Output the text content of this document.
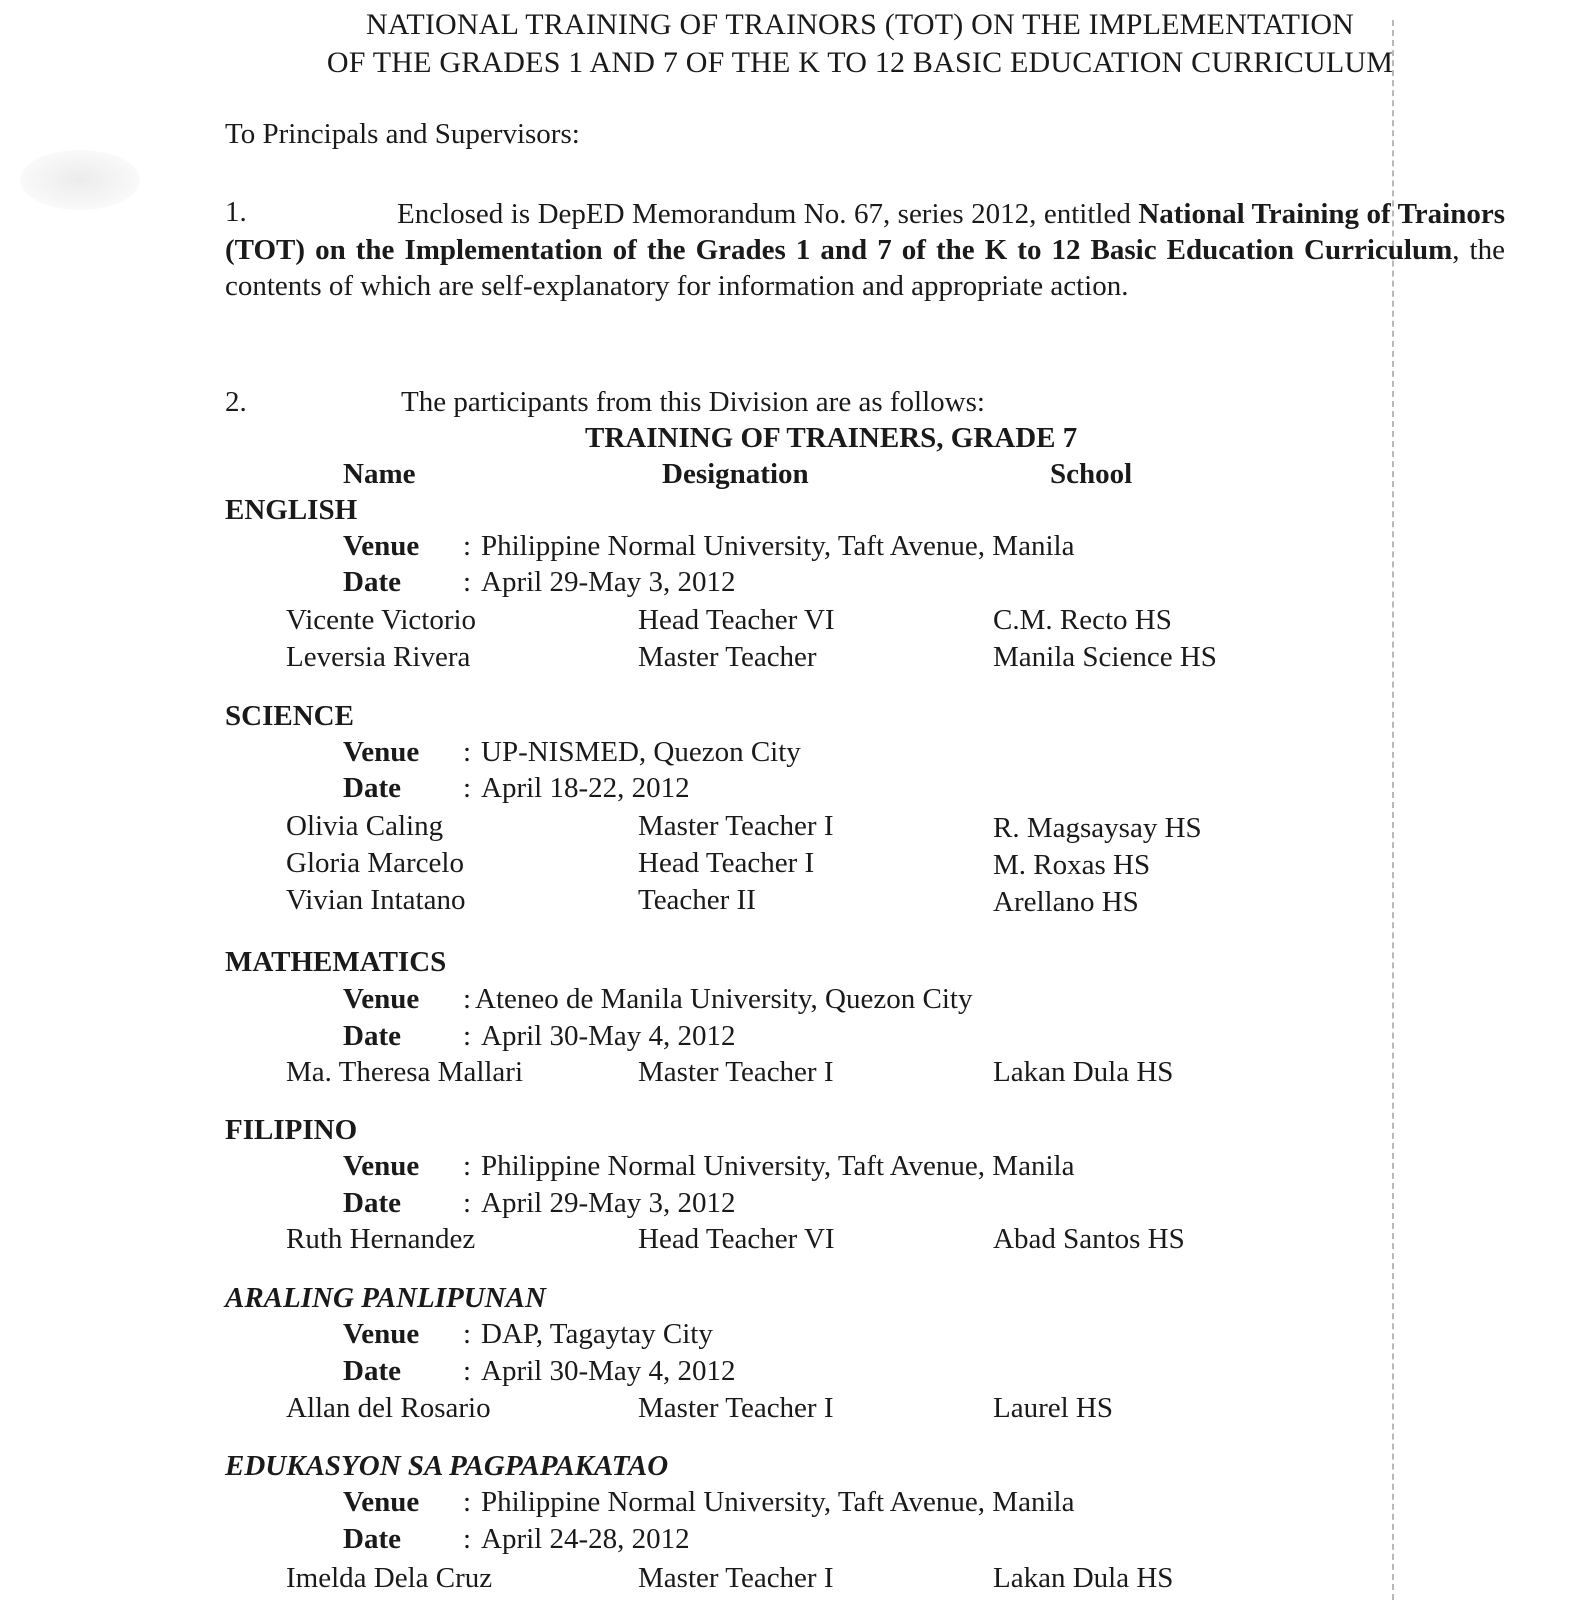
NATIONAL TRAINING OF TRAINORS (TOT) ON THE IMPLEMENTATION
OF THE GRADES 1 AND 7 OF THE K TO 12 BASIC EDUCATION CURRICULUM
To Principals and Supervisors:
1.	Enclosed is DepED Memorandum No. 67, series 2012, entitled National Training of Trainors (TOT) on the Implementation of the Grades 1 and 7 of the K to 12 Basic Education Curriculum, the contents of which are self-explanatory for information and appropriate action.
2.	The participants from this Division are as follows:
TRAINING OF TRAINERS, GRADE 7
Name	Designation	School
ENGLISH
Venue : Philippine Normal University, Taft Avenue, Manila
Date : April 29-May 3, 2012
Vicente Victorio	Head Teacher VI	C.M. Recto HS
Leversia Rivera	Master Teacher	Manila Science HS
SCIENCE
Venue : UP-NISMED, Quezon City
Date : April 18-22, 2012
Olivia Caling	Master Teacher I	R. Magsaysay HS
Gloria Marcelo	Head Teacher I	M. Roxas HS
Vivian Intatano	Teacher II	Arellano HS
MATHEMATICS
Venue : Ateneo de Manila University, Quezon City
Date : April 30-May 4, 2012
Ma. Theresa Mallari	Master Teacher I	Lakan Dula HS
FILIPINO
Venue : Philippine Normal University, Taft Avenue, Manila
Date : April 29-May 3, 2012
Ruth Hernandez	Head Teacher VI	Abad Santos HS
ARALING PANLIPUNAN
Venue : DAP, Tagaytay City
Date : April 30-May 4, 2012
Allan del Rosario	Master Teacher I	Laurel HS
EDUKASYON SA PAGPAPAKATAO
Venue : Philippine Normal University, Taft Avenue, Manila
Date : April 24-28, 2012
Imelda Dela Cruz	Master Teacher I	Lakan Dula HS
